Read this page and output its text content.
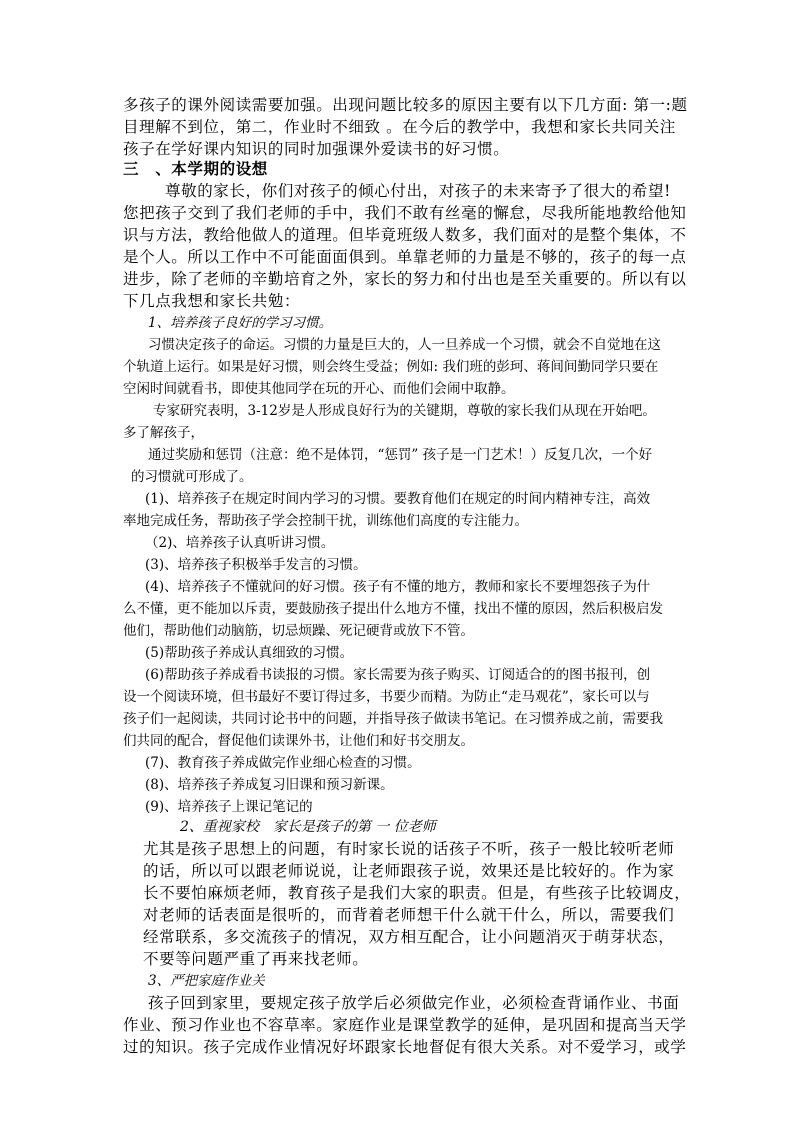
多孩子的课外阅读需要加强。出现问题比较多的原因主要有以下几方面: 第一:题
目理解不到位，第二，作业时不细致 。在今后的教学中，我想和家长共同关注
孩子在学好课内知识的同时加强课外爱读书的好习惯。
三　、本学期的设想
尊敬的家长，你们对孩子的倾心付出，对孩子的未来寄予了很大的希望!
您把孩子交到了我们老师的手中，我们不敢有丝毫的懈怠，尽我所能地教给他知
识与方法，教给他做人的道理。但毕竟班级人数多，我们面对的是整个集体，不
是个人。所以工作中不可能面面俱到。单靠老师的力量是不够的，孩子的每一点
进步，除了老师的辛勤培育之外，家长的努力和付出也是至关重要的。所以有以
下几点我想和家长共勉：
1、培养孩子良好的学习习惯。
习惯决定孩子的命运。习惯的力量是巨大的，人一旦养成一个习惯，就会不自觉地在这
个轨道上运行。如果是好习惯，则会终生受益；例如: 我们班的彭珂、蒋间间勤同学只要在
空闲时间就看书，即使其他同学在玩的开心、而他们会闹中取静。
专家研究表明，3-12岁是人形成良好行为的关键期，尊敬的家长我们从现在开始吧。
多了解孩子，
通过奖励和惩罚（注意：绝不是体罚，“惩罚” 孩子是一门艺术！）反复几次，一个好
的习惯就可形成了。
(1)、培养孩子在规定时间内学习的习惯。要教育他们在规定的时间内精神专注，高效
率地完成任务，帮助孩子学会控制干扰，训练他们高度的专注能力。
（2)、培养孩子认真听讲习惯。
(3)、培养孩子积极举手发言的习惯。
(4)、培养孩子不懂就问的好习惯。孩子有不懂的地方，教师和家长不要埋怨孩子为什
么不懂，更不能加以斥责，要鼓励孩子提出什么地方不懂，找出不懂的原因，然后积极启发
他们，帮助他们动脑筋，切忌烦躁、死记硬背或放下不管。
(5)帮助孩子养成认真细致的习惯。
(6)帮助孩子养成看书读报的习惯。家长需要为孩子购买、订阅适合的的图书报刊，创
设一个阅读环境，但书最好不要订得过多，书要少而精。为防止“走马观花”，家长可以与
孩子们一起阅读，共同讨论书中的问题，并指导孩子做读书笔记。在习惯养成之前，需要我
们共同的配合，督促他们读课外书，让他们和好书交朋友。
(7)、教育孩子养成做完作业细心检查的习惯。
(8)、培养孩子养成复习旧课和预习新课。
(9)、培养孩子上课记笔记的
2、重视家校　家长是孩子的第 一 位老师
尤其是孩子思想上的问题，有时家长说的话孩子不听，孩子一般比较听老师
的话，所以可以跟老师说说，让老师跟孩子说，效果还是比较好的。作为家
长不要怕麻烦老师，教育孩子是我们大家的职责。但是，有些孩子比较调皮，
对老师的话表面是很听的，而背着老师想干什么就干什么，所以，需要我们
经常联系，多交流孩子的情况，双方相互配合，让小问题消灭于萌芽状态，
不要等问题严重了再来找老师。
3、严把家庭作业关
孩子回到家里，要规定孩子放学后必须做完作业，必须检查背诵作业、书面
作业、预习作业也不容草率。家庭作业是课堂教学的延伸，是巩固和提高当天学
过的知识。孩子完成作业情况好坏跟家长地督促有很大关系。对不爱学习，或学
